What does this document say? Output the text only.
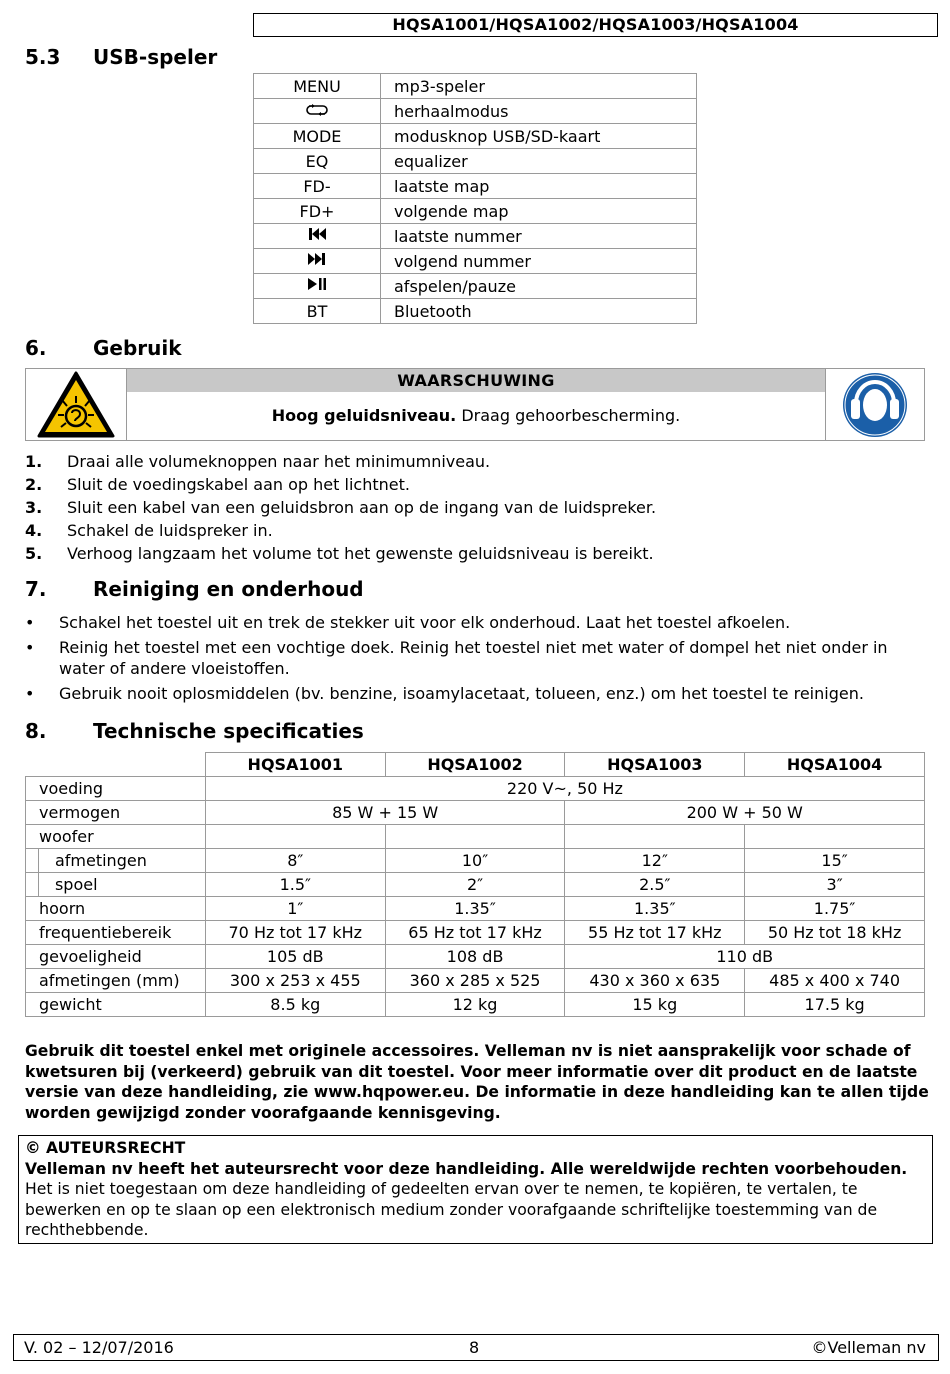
HQSA1001/HQSA1002/HQSA1003/HQSA1004
5.3 USB-speler
MENU	mp3-speler
	herhaalmodus
MODE	modusknop USB/SD-kaart
EQ	equalizer
FD-	laatste map
FD+	volgende map
	laatste nummer
	volgend nummer
	afspelen/pauze
BT	Bluetooth
6. Gebruik
WAARSCHUWING
Hoog geluidsniveau. Draag gehoorbescherming.
1. Draai alle volumeknoppen naar het minimumniveau.
2. Sluit de voedingskabel aan op het lichtnet.
3. Sluit een kabel van een geluidsbron aan op de ingang van de luidspreker.
4. Schakel de luidspreker in.
5. Verhoog langzaam het volume tot het gewenste geluidsniveau is bereikt.
7. Reiniging en onderhoud
• Schakel het toestel uit en trek de stekker uit voor elk onderhoud. Laat het toestel afkoelen.
• Reinig het toestel met een vochtige doek. Reinig het toestel niet met water of dompel het niet onder in water of andere vloeistoffen.
• Gebruik nooit oplosmiddelen (bv. benzine, isoamylacetaat, tolueen, enz.) om het toestel te reinigen.
8. Technische specificaties
		HQSA1001	HQSA1002	HQSA1003	HQSA1004
voeding		220 V~, 50 Hz			
vermogen		85 W + 15 W		200 W + 50 W	
woofer					
	afmetingen	8″	10″	12″	15″
	spoel	1.5″	2″	2.5″	3″
hoorn		1″	1.35″	1.35″	1.75″
frequentiebereik		70 Hz tot 17 kHz	65 Hz tot 17 kHz	55 Hz tot 17 kHz	50 Hz tot 18 kHz
gevoeligheid		105 dB	108 dB	110 dB	
afmetingen (mm)		300 x 253 x 455	360 x 285 x 525	430 x 360 x 635	485 x 400 x 740
gewicht		8.5 kg	12 kg	15 kg	17.5 kg
Gebruik dit toestel enkel met originele accessoires. Velleman nv is niet aansprakelijk voor schade of kwetsuren bij (verkeerd) gebruik van dit toestel. Voor meer informatie over dit product en de laatste versie van deze handleiding, zie www.hqpower.eu. De informatie in deze handleiding kan te allen tijde worden gewijzigd zonder voorafgaande kennisgeving.
© AUTEURSRECHT
Velleman nv heeft het auteursrecht voor deze handleiding. Alle wereldwijde rechten voorbehouden. Het is niet toegestaan om deze handleiding of gedeelten ervan over te nemen, te kopiëren, te vertalen, te bewerken en op te slaan op een elektronisch medium zonder voorafgaande schriftelijke toestemming van de rechthebbende.
V. 02 – 12/07/2016	8	©Velleman nv
